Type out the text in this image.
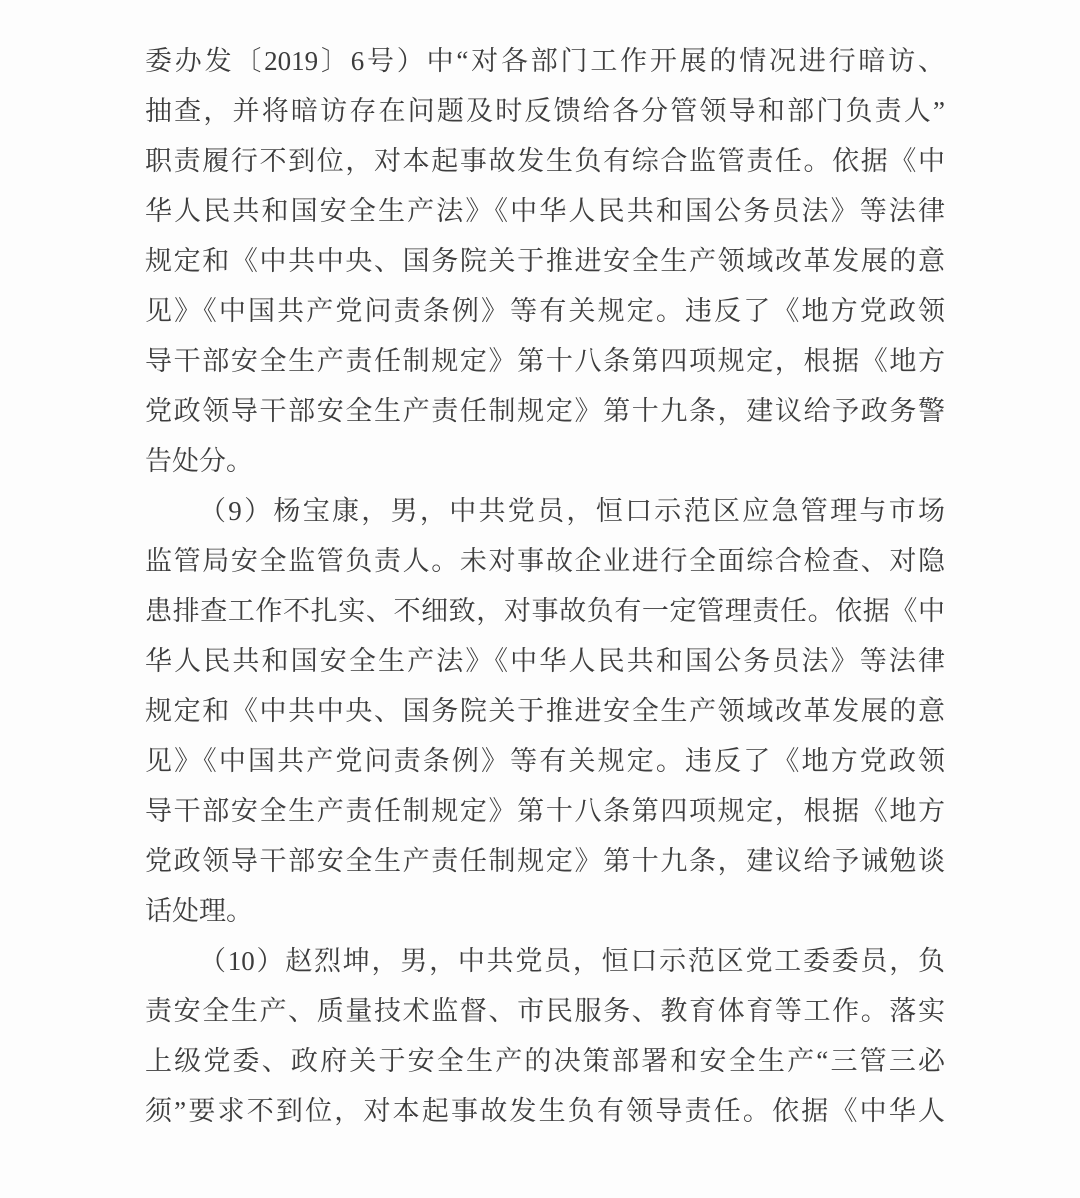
委办发〔2019〕6号）中“对各部门工作开展的情况进行暗访、
抽查，并将暗访存在问题及时反馈给各分管领导和部门负责人”
职责履行不到位，对本起事故发生负有综合监管责任。依据《中
华人民共和国安全生产法》《中华人民共和国公务员法》等法律
规定和《中共中央、国务院关于推进安全生产领域改革发展的意
见》《中国共产党问责条例》等有关规定。违反了《地方党政领
导干部安全生产责任制规定》第十八条第四项规定，根据《地方
党政领导干部安全生产责任制规定》第十九条，建议给予政务警
告处分。
（9）杨宝康，男，中共党员，恒口示范区应急管理与市场
监管局安全监管负责人。未对事故企业进行全面综合检查、对隐
患排查工作不扎实、不细致，对事故负有一定管理责任。依据《中
华人民共和国安全生产法》《中华人民共和国公务员法》等法律
规定和《中共中央、国务院关于推进安全生产领域改革发展的意
见》《中国共产党问责条例》等有关规定。违反了《地方党政领
导干部安全生产责任制规定》第十八条第四项规定，根据《地方
党政领导干部安全生产责任制规定》第十九条，建议给予诫勉谈
话处理。
（10）赵烈坤，男，中共党员，恒口示范区党工委委员，负
责安全生产、质量技术监督、市民服务、教育体育等工作。落实
上级党委、政府关于安全生产的决策部署和安全生产“三管三必
须”要求不到位，对本起事故发生负有领导责任。依据《中华人
